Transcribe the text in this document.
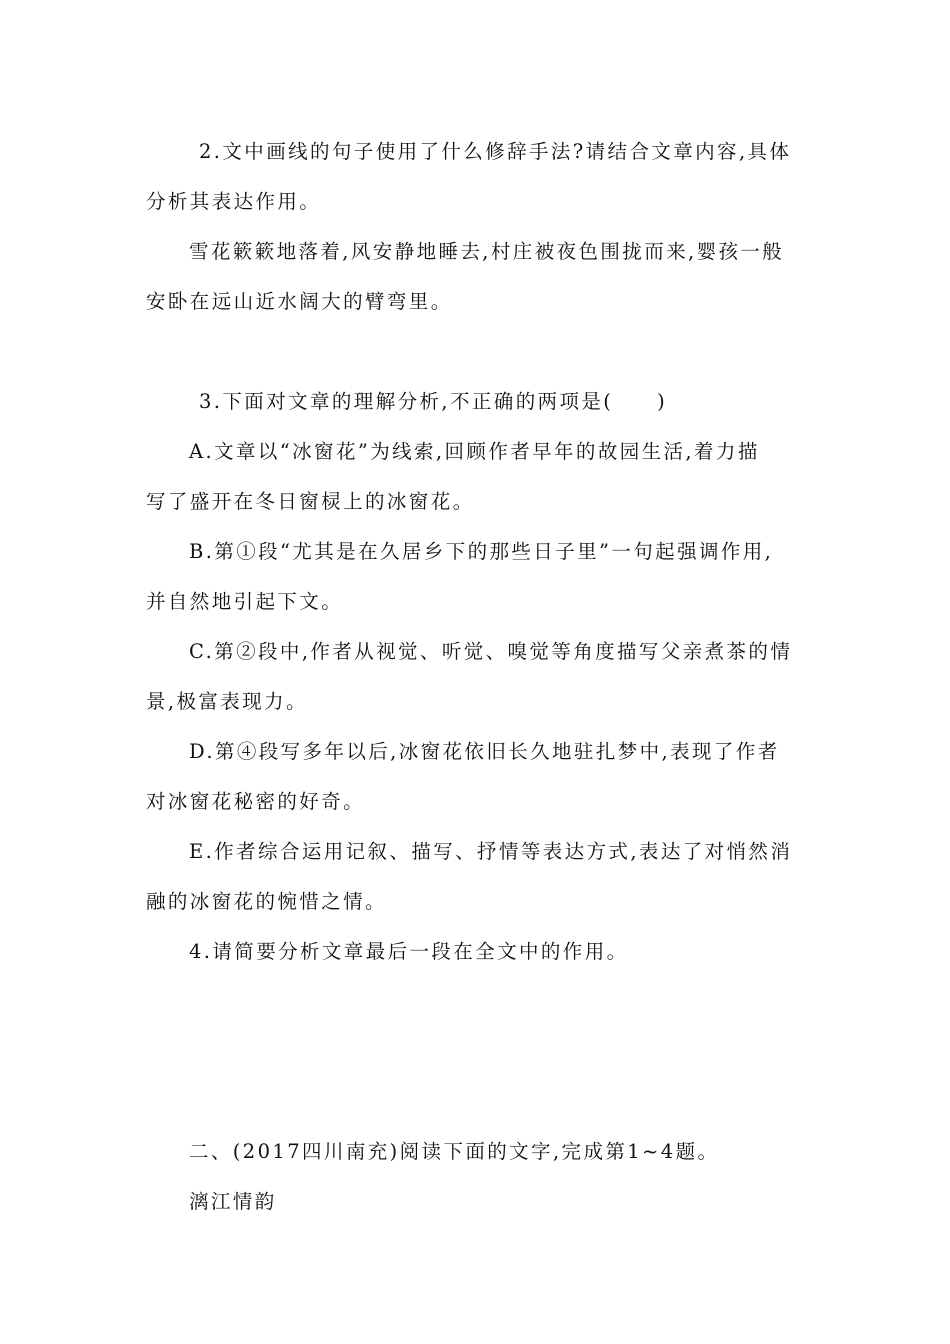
2.文中画线的句子使用了什么修辞手法?请结合文章内容,具体
分析其表达作用。
雪花簌簌地落着,风安静地睡去,村庄被夜色围拢而来,婴孩一般
安卧在远山近水阔大的臂弯里。
3.下面对文章的理解分析,不正确的两项是(　　)
A.文章以“冰窗花”为线索,回顾作者早年的故园生活,着力描
写了盛开在冬日窗棂上的冰窗花。
B.第①段“尤其是在久居乡下的那些日子里”一句起强调作用,
并自然地引起下文。
C.第②段中,作者从视觉、听觉、嗅觉等角度描写父亲煮茶的情
景,极富表现力。
D.第④段写多年以后,冰窗花依旧长久地驻扎梦中,表现了作者
对冰窗花秘密的好奇。
E.作者综合运用记叙、描写、抒情等表达方式,表达了对悄然消
融的冰窗花的惋惜之情。
4.请简要分析文章最后一段在全文中的作用。
二、(2017四川南充)阅读下面的文字,完成第1~4题。
漓江情韵
